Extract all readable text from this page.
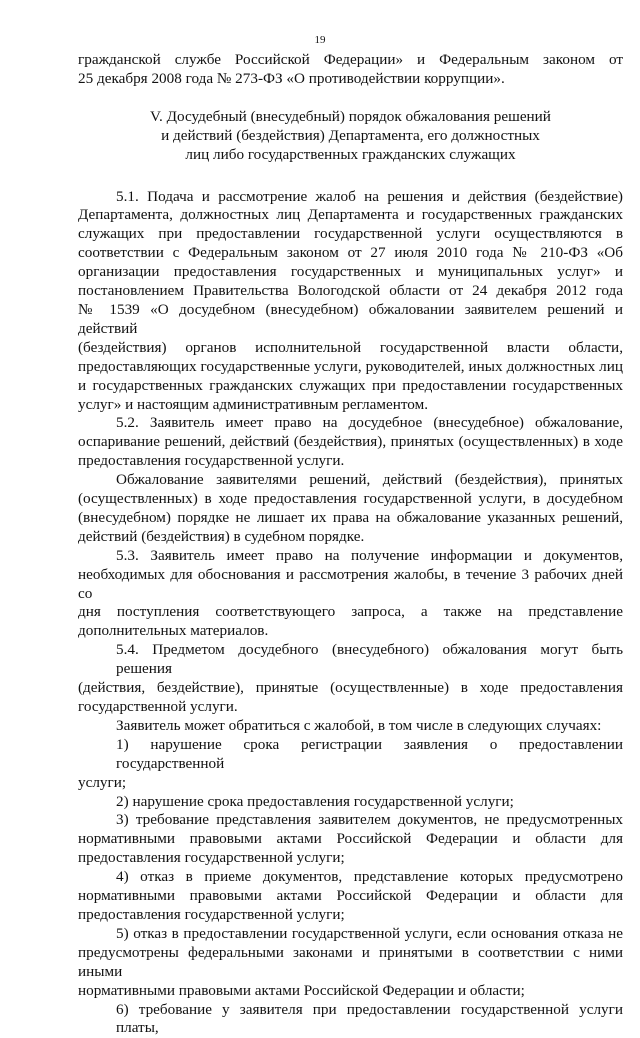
19

гражданской службе Российской Федерации» и Федеральным законом от

25 декабря 2008 года № 273-ФЗ «О противодействии коррупции».

V. Досудебный (внесудебный) порядок обжалования решений

и действий (бездействия) Департамента, его должностных

лиц либо государственных гражданских служащих

5.1. Подача и рассмотрение жалоб на решения и действия (бездействие)

Департамента, должностных лиц Департамента и государственных гражданских

служащих при предоставлении государственной услуги осуществляются в

соответствии с Федеральным законом от 27 июля 2010 года № 210-ФЗ «Об

организации предоставления государственных и муниципальных услуг» и

постановлением Правительства Вологодской области от 24 декабря 2012 года

№ 1539 «О досудебном (внесудебном) обжаловании заявителем решений и действий

(бездействия) органов исполнительной государственной власти области,

предоставляющих государственные услуги, руководителей, иных должностных лиц

и государственных гражданских служащих при предоставлении государственных

услуг» и настоящим административным регламентом.

5.2. Заявитель имеет право на досудебное (внесудебное) обжалование,

оспаривание решений, действий (бездействия), принятых (осуществленных) в ходе

предоставления государственной услуги.

Обжалование заявителями решений, действий (бездействия), принятых

(осуществленных) в ходе предоставления государственной услуги, в досудебном

(внесудебном) порядке не лишает их права на обжалование указанных решений,

действий (бездействия) в судебном порядке.

5.3. Заявитель имеет право на получение информации и документов,

необходимых для обоснования и рассмотрения жалобы, в течение 3 рабочих дней со

дня поступления соответствующего запроса, а также на представление

дополнительных материалов.

5.4. Предметом досудебного (внесудебного) обжалования могут быть решения

(действия, бездействие), принятые (осуществленные) в ходе предоставления

государственной услуги.

Заявитель может обратиться с жалобой, в том числе в следующих случаях:

1) нарушение срока регистрации заявления о предоставлении государственной

услуги;

2) нарушение срока предоставления государственной услуги;

3) требование представления заявителем документов, не предусмотренных

нормативными правовыми актами Российской Федерации и области для

предоставления государственной услуги;

4) отказ в приеме документов, представление которых предусмотрено

нормативными правовыми актами Российской Федерации и области для

предоставления государственной услуги;

5) отказ в предоставлении государственной услуги, если основания отказа не

предусмотрены федеральными законами и принятыми в соответствии с ними иными

нормативными правовыми актами Российской Федерации и области;

6) требование у заявителя при предоставлении государственной услуги платы,
